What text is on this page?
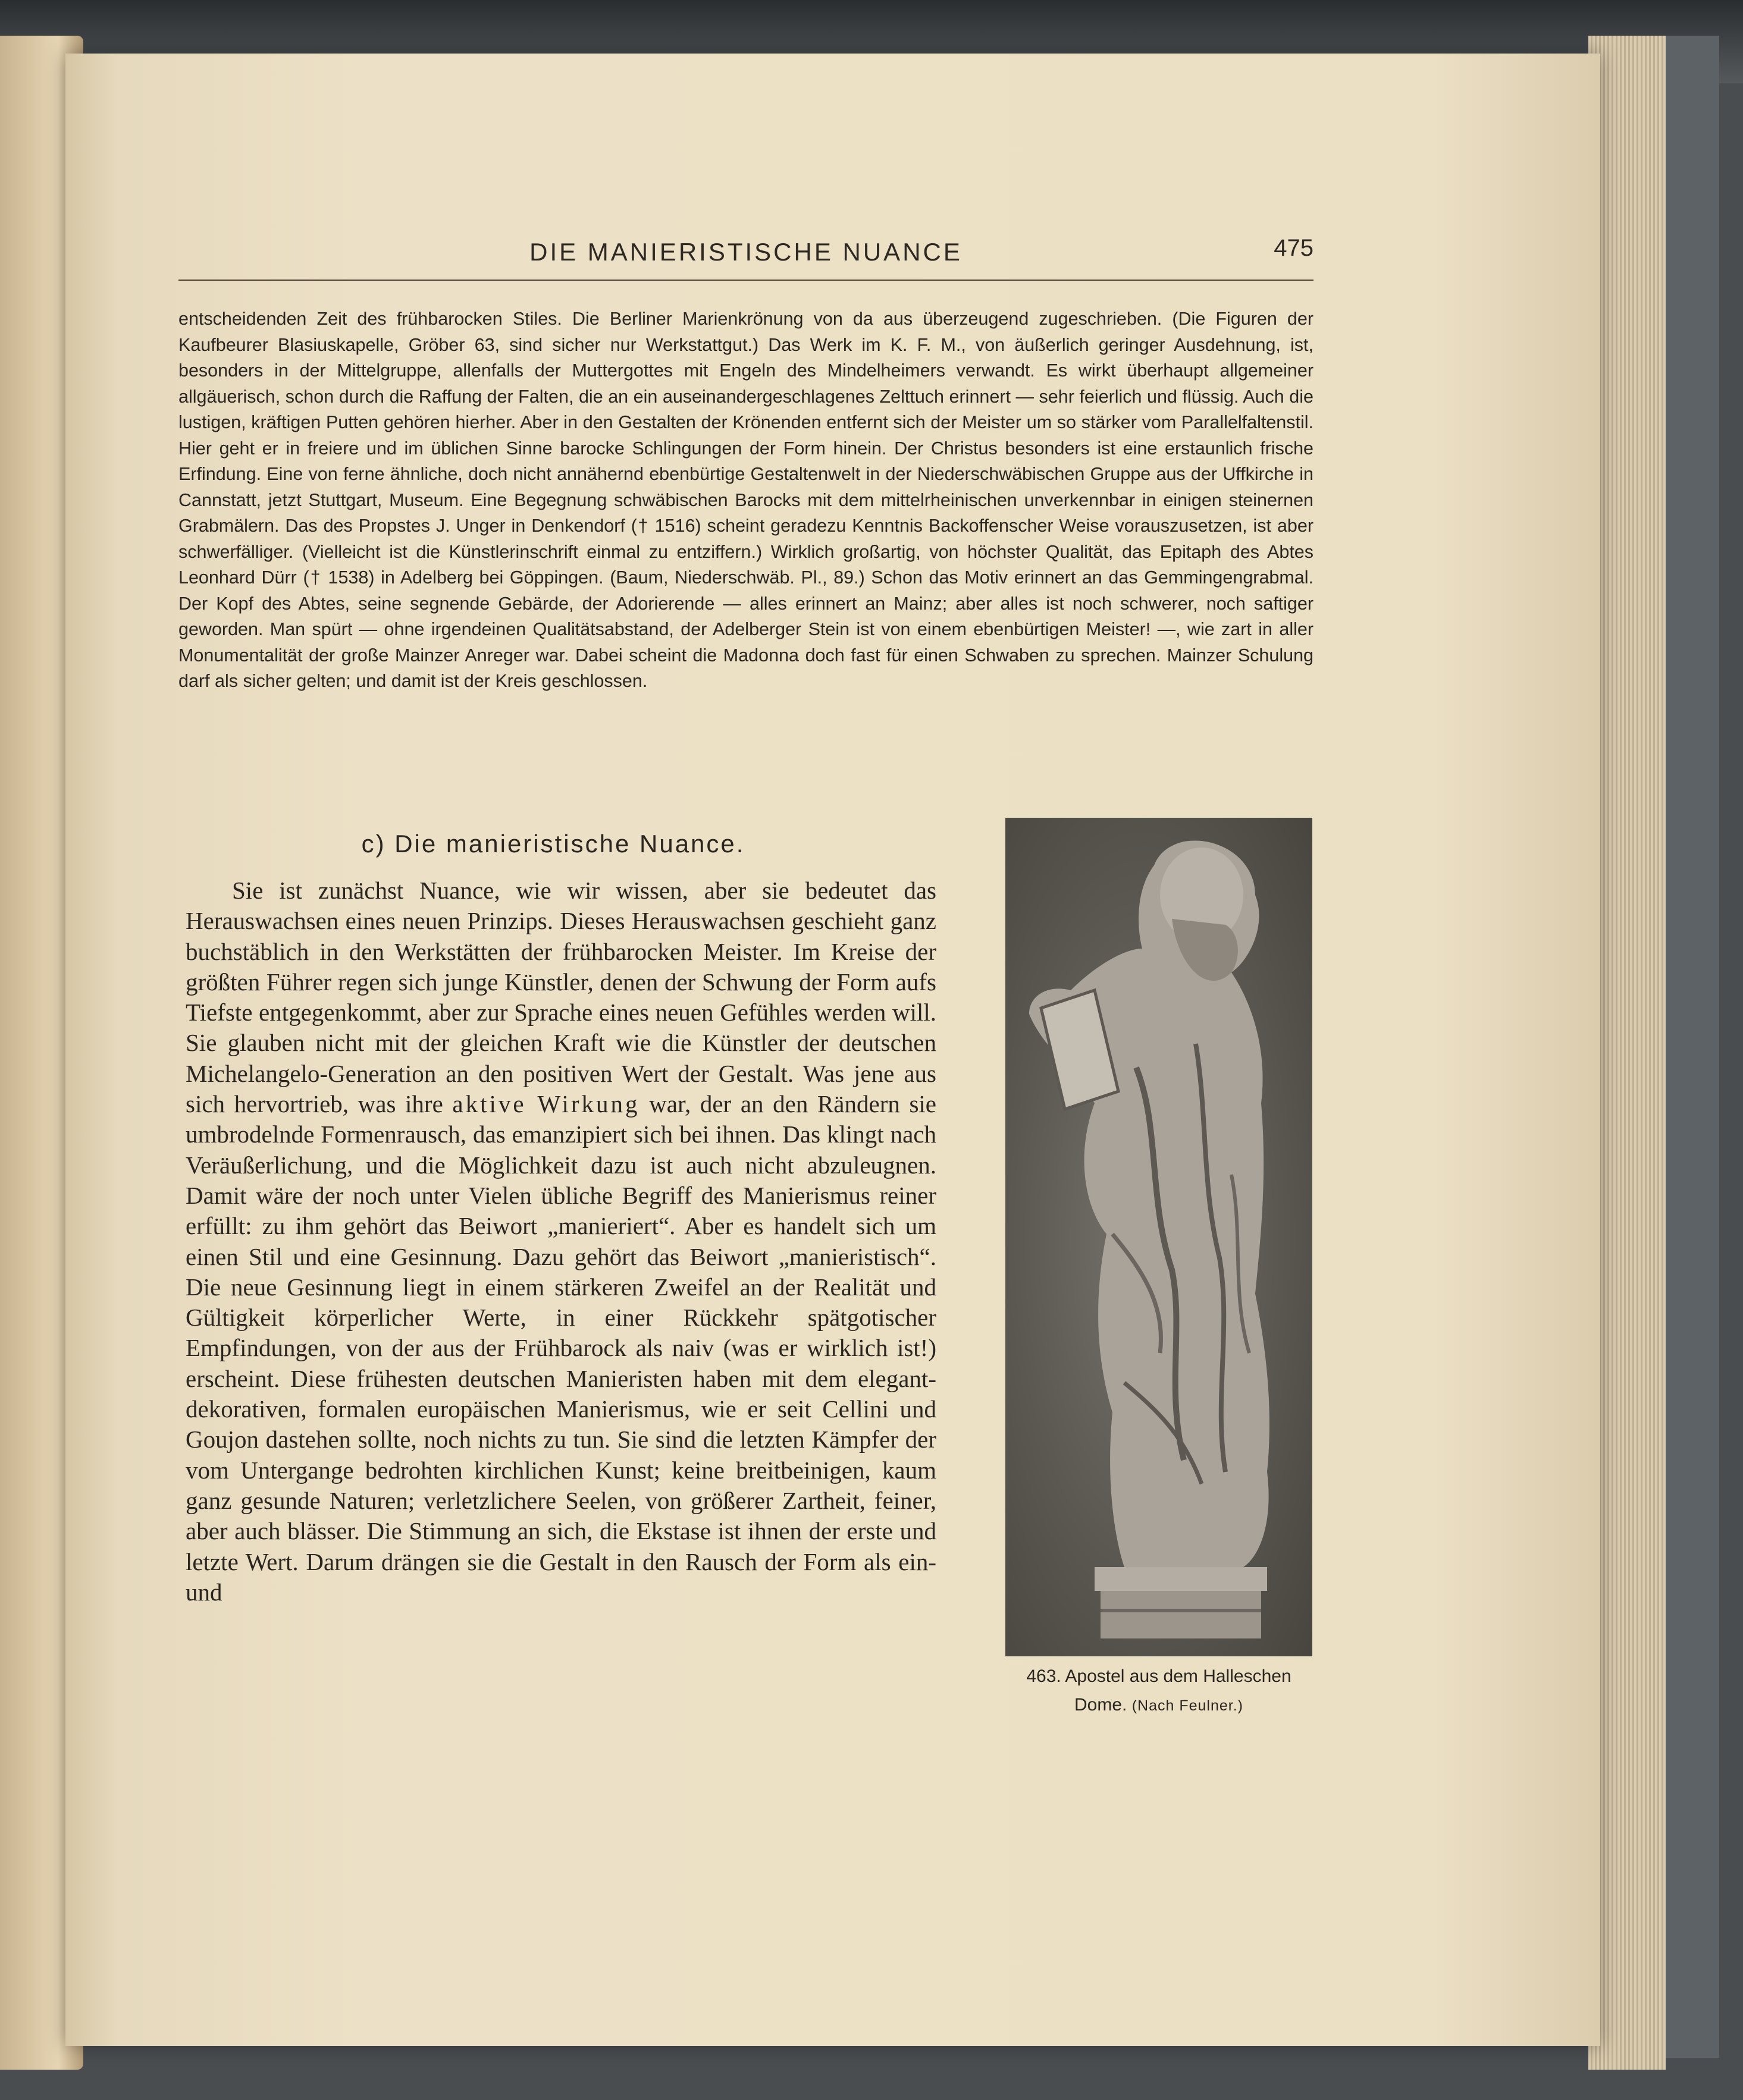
DIE MANIERISTISCHE NUANCE	475

entscheidenden Zeit des frühbarocken Stiles. Die Berliner Marienkrönung von da aus überzeugend zugeschrieben. (Die Figuren der Kaufbeurer Blasiuskapelle, Gröber 63, sind sicher nur Werkstattgut.) Das Werk im K. F. M., von äußerlich geringer Ausdehnung, ist, besonders in der Mittelgruppe, allenfalls der Muttergottes mit Engeln des Mindelheimers verwandt. Es wirkt überhaupt allgemeiner allgäuerisch, schon durch die Raffung der Falten, die an ein auseinandergeschlagenes Zelttuch erinnert — sehr feierlich und flüssig. Auch die lustigen, kräftigen Putten gehören hierher. Aber in den Gestalten der Krönenden entfernt sich der Meister um so stärker vom Parallelfaltenstil. Hier geht er in freiere und im üblichen Sinne barocke Schlingungen der Form hinein. Der Christus besonders ist eine erstaunlich frische Erfindung. Eine von ferne ähnliche, doch nicht annähernd ebenbürtige Gestaltenwelt in der Niederschwäbischen Gruppe aus der Uffkirche in Cannstatt, jetzt Stuttgart, Museum. Eine Begegnung schwäbischen Barocks mit dem mittelrheinischen unverkennbar in einigen steinernen Grabmälern. Das des Propstes J. Unger in Denkendorf († 1516) scheint geradezu Kenntnis Backoffenscher Weise vorauszusetzen, ist aber schwerfälliger. (Vielleicht ist die Künstlerinschrift einmal zu entziffern.) Wirklich großartig, von höchster Qualität, das Epitaph des Abtes Leonhard Dürr († 1538) in Adelberg bei Göppingen. (Baum, Niederschwäb. Pl., 89.) Schon das Motiv erinnert an das Gemmingengrabmal. Der Kopf des Abtes, seine segnende Gebärde, der Adorierende — alles erinnert an Mainz; aber alles ist noch schwerer, noch saftiger geworden. Man spürt — ohne irgendeinen Qualitätsabstand, der Adelberger Stein ist von einem ebenbürtigen Meister! —, wie zart in aller Monumentalität der große Mainzer Anreger war. Dabei scheint die Madonna doch fast für einen Schwaben zu sprechen. Mainzer Schulung darf als sicher gelten; und damit ist der Kreis geschlossen.

c) Die manieristische Nuance.

Sie ist zunächst Nuance, wie wir wissen, aber sie bedeutet das Herauswachsen eines neuen Prinzips. Dieses Herauswachsen geschieht ganz buchstäblich in den Werkstätten der frühbarocken Meister. Im Kreise der größten Führer regen sich junge Künstler, denen der Schwung der Form aufs Tiefste entgegenkommt, aber zur Sprache eines neuen Gefühles werden will. Sie glauben nicht mit der gleichen Kraft wie die Künstler der deutschen Michelangelo-Generation an den positiven Wert der Gestalt. Was jene aus sich hervortrieb, was ihre aktive Wirkung war, der an den Rändern sie umbrodelnde Formenrausch, das emanzipiert sich bei ihnen. Das klingt nach Veräußerlichung, und die Möglichkeit dazu ist auch nicht abzuleugnen. Damit wäre der noch unter Vielen übliche Begriff des Manierismus reiner erfüllt: zu ihm gehört das Beiwort „manieriert“. Aber es handelt sich um einen Stil und eine Gesinnung. Dazu gehört das Beiwort „manieristisch“. Die neue Gesinnung liegt in einem stärkeren Zweifel an der Realität und Gültigkeit körperlicher Werte, in einer Rückkehr spätgotischer Empfindungen, von der aus der Frühbarock als naiv (was er wirklich ist!) erscheint. Diese frühesten deutschen Manieristen haben mit dem elegant-dekorativen, formalen europäischen Manierismus, wie er seit Cellini und Goujon dastehen sollte, noch nichts zu tun. Sie sind die letzten Kämpfer der vom Untergange bedrohten kirchlichen Kunst; keine breitbeinigen, kaum ganz gesunde Naturen; verletzlichere Seelen, von größerer Zartheit, feiner, aber auch blässer. Die Stimmung an sich, die Ekstase ist ihnen der erste und letzte Wert. Darum drängen sie die Gestalt in den Rausch der Form als ein- und

463. Apostel aus dem Halleschen
Dome. (Nach Feulner.)
